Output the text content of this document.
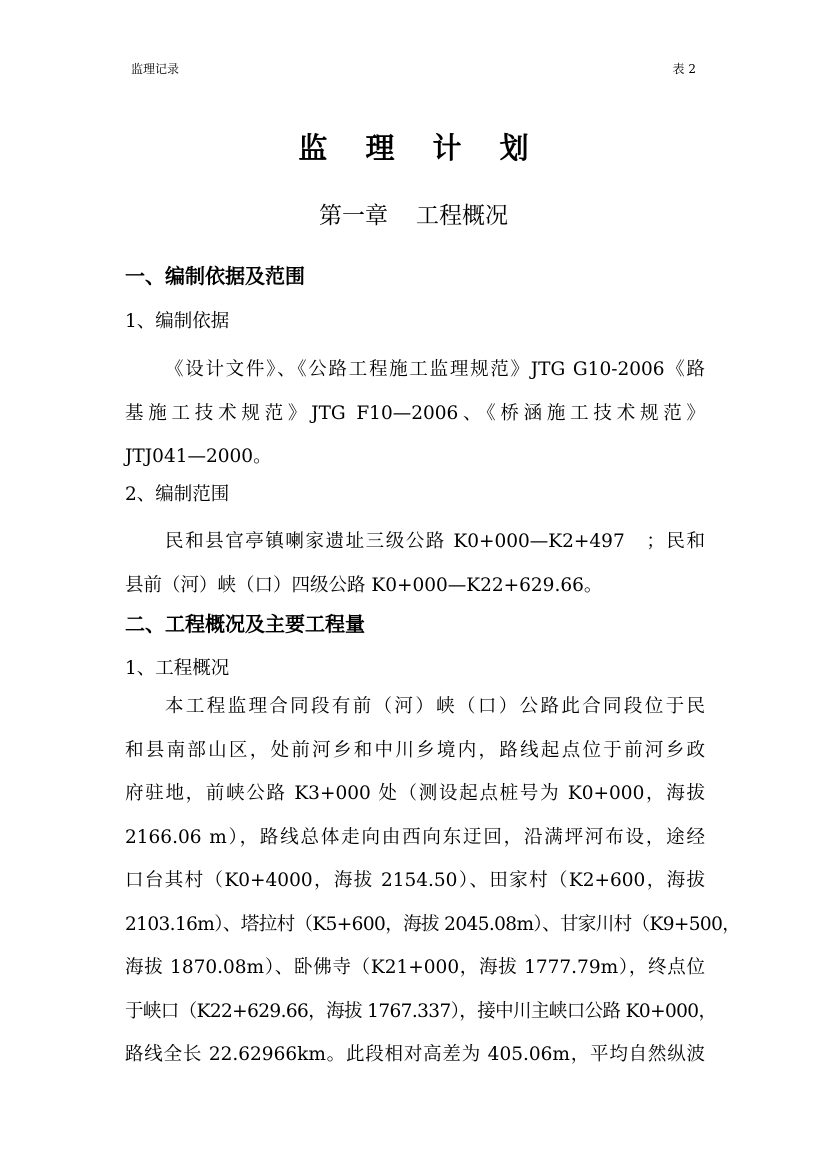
监理记录	表 2
监 理 计 划
第一章 工程概况
一、编制依据及范围
1、编制依据
《设计文件》、《公路工程施工监理规范》JTG G10-2006《路
基施工技术规范》JTG F10—2006、《桥涵施工技术规范》
JTJ041—2000。
2、编制范围
民和县官亭镇喇家遗址三级公路 K0+000—K2+497　；民和
县前（河）峡（口）四级公路 K0+000—K22+629.66。
二、工程概况及主要工程量
1、工程概况
本工程监理合同段有前（河）峡（口）公路此合同段位于民
和县南部山区，处前河乡和中川乡境内，路线起点位于前河乡政
府驻地，前峡公路 K3+000 处（测设起点桩号为 K0+000，海拔
2166.06 m），路线总体走向由西向东迂回，沿满坪河布设，途经
口台其村（K0+4000，海拔 2154.50）、田家村（K2+600，海拔
2103.16m）、塔拉村（K5+600，海拔 2045.08m）、甘家川村（K9+500，
海拔 1870.08m）、卧佛寺（K21+000，海拔 1777.79m），终点位
于峡口（K22+629.66，海拔 1767.337），接中川主峡口公路 K0+000，
路线全长 22.62966km。此段相对高差为 405.06m，平均自然纵波
